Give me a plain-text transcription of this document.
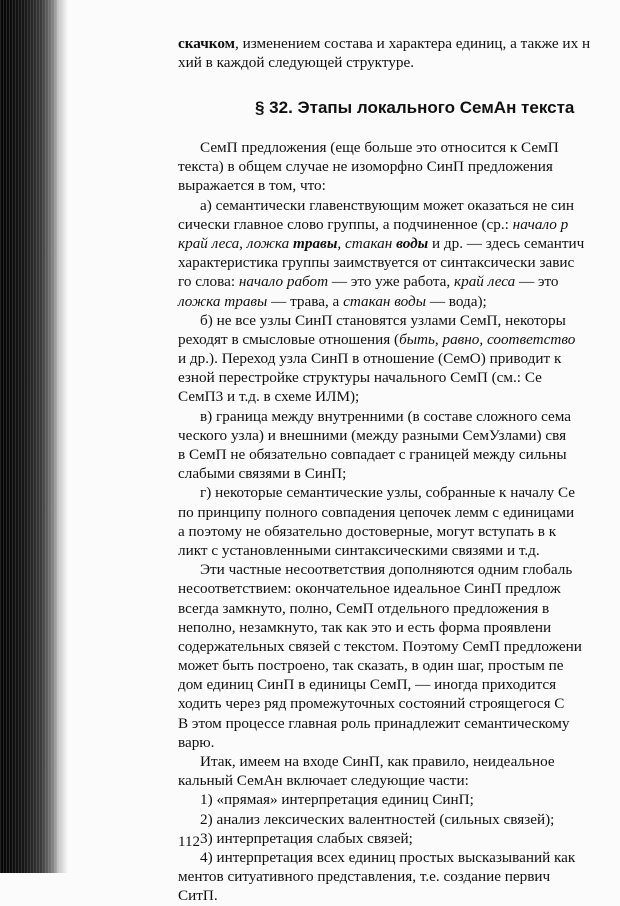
скачком, изменением состава и характера единиц, а также их н
хий в каждой следующей структуре.
§ 32. Этапы локального СемАн текста
СемП предложения (еще больше это относится к СемП
текста) в общем случае не изоморфно СинП предложения
выражается в том, что:
а) семантически главенствующим может оказаться не син
сически главное слово группы, а подчиненное (ср.: начало р
край леса, ложка травы, стакан воды и др. — здесь семантич
характеристика группы заимствуется от синтаксически завис
го слова: начало работ — это уже работа, край леса — это
ложка травы — трава, а стакан воды — вода);
б) не все узлы СинП становятся узлами СемП, некоторы
реходят в смысловые отношения (быть, равно, соответство
и др.). Переход узла СинП в отношение (СемО) приводит к
езной перестройке структуры начального СемП (см.: Се
СемП3 и т.д. в схеме ИЛМ);
в) граница между внутренними (в составе сложного сема
ческого узла) и внешними (между разными СемУзлами) свя
в СемП не обязательно совпадает с границей между сильны
слабыми связями в СинП;
г) некоторые семантические узлы, собранные к началу Се
по принципу полного совпадения цепочек лемм с единицами
а поэтому не обязательно достоверные, могут вступать в к
ликт с установленными синтаксическими связями и т.д.
Эти частные несоответствия дополняются одним глобаль
несоответствием: окончательное идеальное СинП предлож
всегда замкнуто, полно, СемП отдельного предложения в
неполно, незамкнуто, так как это и есть форма проявлени
содержательных связей с текстом. Поэтому СемП предложени
может быть построено, так сказать, в один шаг, простым пе
дом единиц СинП в единицы СемП, — иногда приходится
ходить через ряд промежуточных состояний строящегося С
В этом процессе главная роль принадлежит семантическому
варю.
Итак, имеем на входе СинП, как правило, неидеальное
кальный СемАн включает следующие части:
1) «прямая» интерпретация единиц СинП;
2) анализ лексических валентностей (сильных связей);
3) интерпретация слабых связей;
4) интерпретация всех единиц простых высказываний как
ментов ситуативного представления, т.е. создание первич
СитП.
112
